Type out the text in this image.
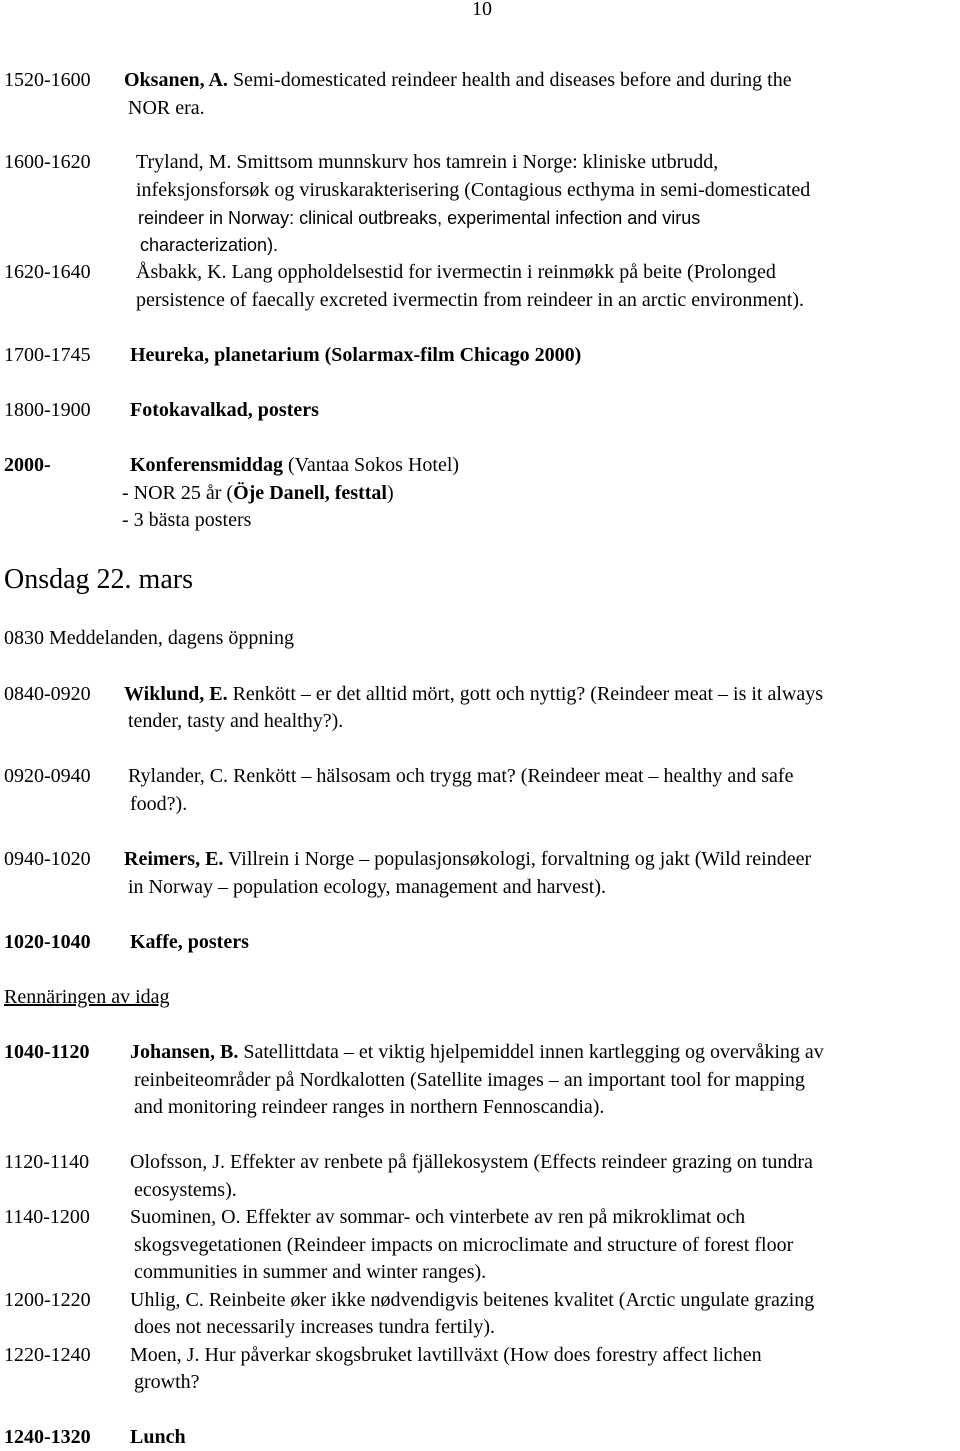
10
1520-1600 Oksanen, A. Semi-domesticated reindeer health and diseases before and during the
NOR era.
1600-1620 Tryland, M. Smittsom munnskurv hos tamrein i Norge: kliniske utbrudd,
infeksjonsforsøk og viruskarakterisering (Contagious ecthyma in semi-domesticated
reindeer in Norway: clinical outbreaks, experimental infection and virus
characterization).
1620-1640 Åsbakk, K. Lang oppholdelsestid for ivermectin i reinmøkk på beite (Prolonged
persistence of faecally excreted ivermectin from reindeer in an arctic environment).
1700-1745 Heureka, planetarium (Solarmax-film Chicago 2000)
1800-1900 Fotokavalkad, posters
2000-	Konferensmiddag (Vantaa Sokos Hotel)
- NOR 25 år (Öje Danell, festtal)
- 3 bästa posters
Onsdag 22. mars
0830 Meddelanden, dagens öppning
0840-0920 Wiklund, E. Renkött – er det alltid mört, gott och nyttig? (Reindeer meat – is it always
tender, tasty and healthy?).
0920-0940 Rylander, C. Renkött – hälsosam och trygg mat? (Reindeer meat – healthy and safe
food?).
0940-1020 Reimers, E. Villrein i Norge – populasjonsøkologi, forvaltning og jakt (Wild reindeer
in Norway – population ecology, management and harvest).
1020-1040 Kaffe, posters
Rennäringen av idag
1040-1120 Johansen, B. Satellittdata – et viktig hjelpemiddel innen kartlegging og overvåking av
reinbeiteområder på Nordkalotten (Satellite images – an important tool for mapping
and monitoring reindeer ranges in northern Fennoscandia).
1120-1140 Olofsson, J. Effekter av renbete på fjällekosystem (Effects reindeer grazing on tundra
ecosystems).
1140-1200 Suominen, O. Effekter av sommar- och vinterbete av ren på mikroklimat och
skogsvegetationen (Reindeer impacts on microclimate and structure of forest floor
communities in summer and winter ranges).
1200-1220 Uhlig, C. Reinbeite øker ikke nødvendigvis beitenes kvalitet (Arctic ungulate grazing
does not necessarily increases tundra fertily).
1220-1240 Moen, J. Hur påverkar skogsbruket lavtillväxt (How does forestry affect lichen
growth?
1240-1320 Lunch
